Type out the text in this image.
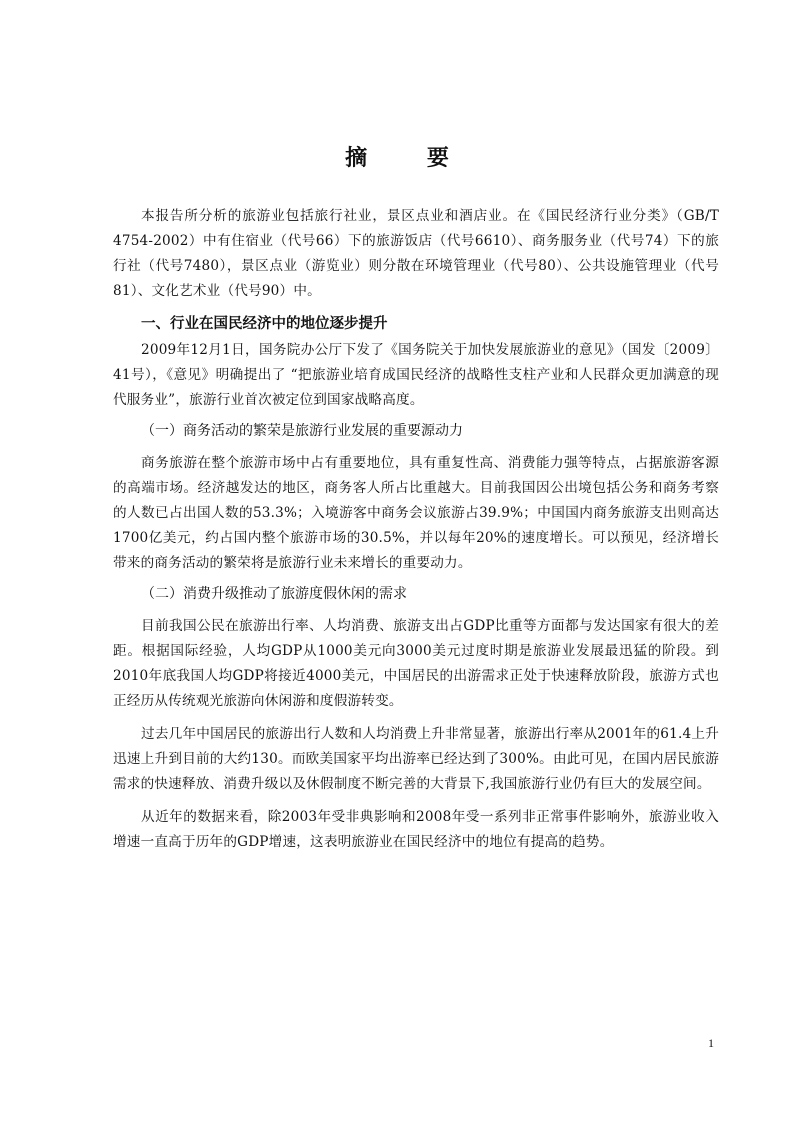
摘 要

本报告所分析的旅游业包括旅行社业，景区点业和酒店业。在《国民经济行业分类》（GB/T 4754-2002）中有住宿业（代号66）下的旅游饭店（代号6610）、商务服务业（代号74）下的旅行社（代号7480），景区点业（游览业）则分散在环境管理业（代号80）、公共设施管理业（代号81）、文化艺术业（代号90）中。

一、行业在国民经济中的地位逐步提升

2009年12月1日，国务院办公厅下发了《国务院关于加快发展旅游业的意见》（国发〔2009〕41号），《意见》明确提出了 “把旅游业培育成国民经济的战略性支柱产业和人民群众更加满意的现代服务业”，旅游行业首次被定位到国家战略高度。

（一）商务活动的繁荣是旅游行业发展的重要源动力

商务旅游在整个旅游市场中占有重要地位，具有重复性高、消费能力强等特点，占据旅游客源的高端市场。经济越发达的地区，商务客人所占比重越大。目前我国因公出境包括公务和商务考察的人数已占出国人数的53.3%；入境游客中商务会议旅游占39.9%；中国国内商务旅游支出则高达1700亿美元，约占国内整个旅游市场的30.5%，并以每年20%的速度增长。可以预见，经济增长带来的商务活动的繁荣将是旅游行业未来增长的重要动力。

（二）消费升级推动了旅游度假休闲的需求

目前我国公民在旅游出行率、人均消费、旅游支出占GDP比重等方面都与发达国家有很大的差距。根据国际经验，人均GDP从1000美元向3000美元过度时期是旅游业发展最迅猛的阶段。到2010年底我国人均GDP将接近4000美元，中国居民的出游需求正处于快速释放阶段，旅游方式也正经历从传统观光旅游向休闲游和度假游转变。

过去几年中国居民的旅游出行人数和人均消费上升非常显著，旅游出行率从2001年的61.4上升迅速上升到目前的大约130。而欧美国家平均出游率已经达到了300%。由此可见，在国内居民旅游需求的快速释放、消费升级以及休假制度不断完善的大背景下,我国旅游行业仍有巨大的发展空间。

从近年的数据来看，除2003年受非典影响和2008年受一系列非正常事件影响外，旅游业收入增速一直高于历年的GDP增速，这表明旅游业在国民经济中的地位有提高的趋势。

1
